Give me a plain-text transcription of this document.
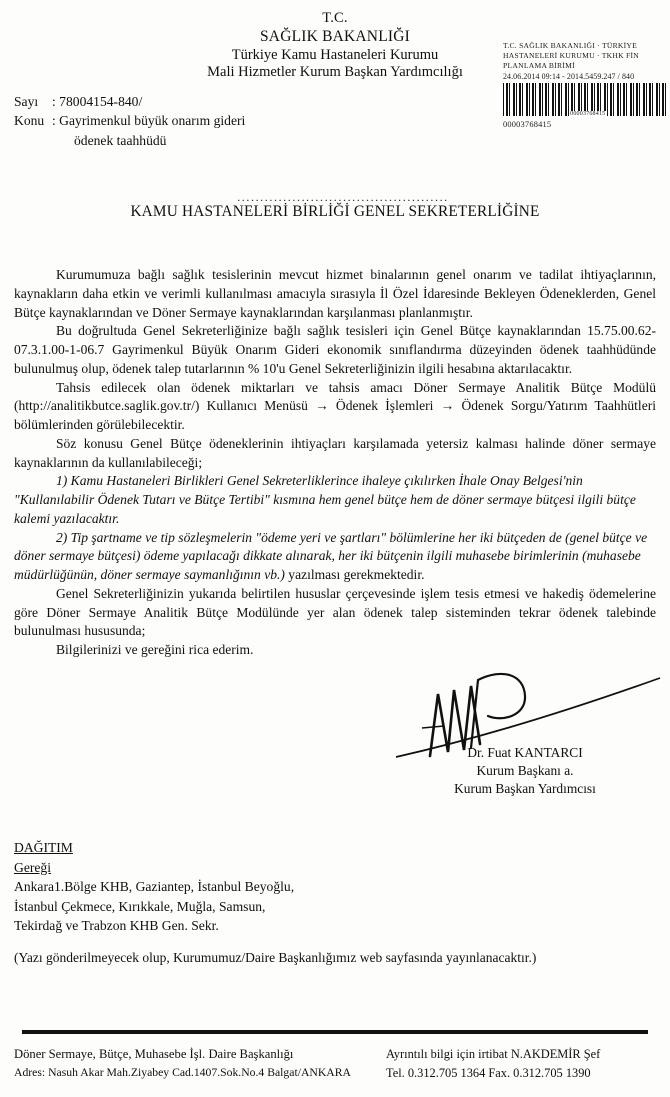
T.C.
SAĞLIK BAKANLIĞI
Türkiye Kamu Hastaneleri Kurumu
Mali Hizmetler Kurum Başkan Yardımcılığı
T.C. SAĞLIK BAKANLIĞI · TÜRKİYE
HASTANELERİ KURUMU · TKHK FİN
PLANLAMA BİRİMİ
24.06.2014 09:14 - 2014.5459.247 / 840
00003768415
00003768415
Sayı : 78004154-840/
Konu : Gayrimenkul büyük onarım gideri
ödenek taahhüdü
..............................................
KAMU HASTANELERİ BİRLİĞİ GENEL SEKRETERLİĞİNE

Kurumumuza bağlı sağlık tesislerinin mevcut hizmet binalarının genel onarım ve tadilat ihtiyaçlarının, kaynakların daha etkin ve verimli kullanılması amacıyla sırasıyla İl Özel İdaresinde Bekleyen Ödeneklerden, Genel Bütçe kaynaklarından ve Döner Sermaye kaynaklarından karşılanması planlanmıştır.

Bu doğrultuda Genel Sekreterliğinize bağlı sağlık tesisleri için Genel Bütçe kaynaklarından 15.75.00.62-07.3.1.00-1-06.7 Gayrimenkul Büyük Onarım Gideri ekonomik sınıflandırma düzeyinden ödenek taahhüdünde bulunulmuş olup, ödenek talep tutarlarının % 10'u Genel Sekreterliğinizin ilgili hesabına aktarılacaktır.

Tahsis edilecek olan ödenek miktarları ve tahsis amacı Döner Sermaye Analitik Bütçe Modülü (http://analitikbutce.saglik.gov.tr/) Kullanıcı Menüsü → Ödenek İşlemleri → Ödenek Sorgu/Yatırım Taahhütleri bölümlerinden görülebilecektir.

Söz konusu Genel Bütçe ödeneklerinin ihtiyaçları karşılamada yetersiz kalması halinde döner sermaye kaynaklarının da kullanılabileceği;

1) Kamu Hastaneleri Birlikleri Genel Sekreterliklerince ihaleye çıkılırken İhale Onay Belgesi'nin "Kullanılabilir Ödenek Tutarı ve Bütçe Tertibi" kısmına hem genel bütçe hem de döner sermaye bütçesi ilgili bütçe kalemi yazılacaktır.

2) Tip şartname ve tip sözleşmelerin "ödeme yeri ve şartları" bölümlerine her iki bütçeden de (genel bütçe ve döner sermaye bütçesi) ödeme yapılacağı dikkate alınarak, her iki bütçenin ilgili muhasebe birimlerinin (muhasebe müdürlüğünün, döner sermaye saymanlığının vb.) yazılması gerekmektedir.

Genel Sekreterliğinizin yukarıda belirtilen hususlar çerçevesinde işlem tesis etmesi ve hakediş ödemelerine göre Döner Sermaye Analitik Bütçe Modülünde yer alan ödenek talep sisteminden tekrar ödenek talebinde bulunulması hususunda;

Bilgilerinizi ve gereğini rica ederim.

Dr. Fuat KANTARCI
Kurum Başkanı a.
Kurum Başkan Yardımcısı
DAĞITIM
Gereği
Ankara1.Bölge KHB, Gaziantep, İstanbul Beyoğlu,
İstanbul Çekmece, Kırıkkale, Muğla, Samsun,
Tekirdağ ve Trabzon KHB Gen. Sekr.
(Yazı gönderilmeyecek olup, Kurumumuz/Daire Başkanlığımız web sayfasında yayınlanacaktır.)
Döner Sermaye, Bütçe, Muhasebe İşl. Daire Başkanlığı
Adres: Nasuh Akar Mah.Ziyabey Cad.1407.Sok.No.4 Balgat/ANKARA
Ayrıntılı bilgi için irtibat N.AKDEMİR Şef
Tel. 0.312.705 1364 Fax. 0.312.705 1390
